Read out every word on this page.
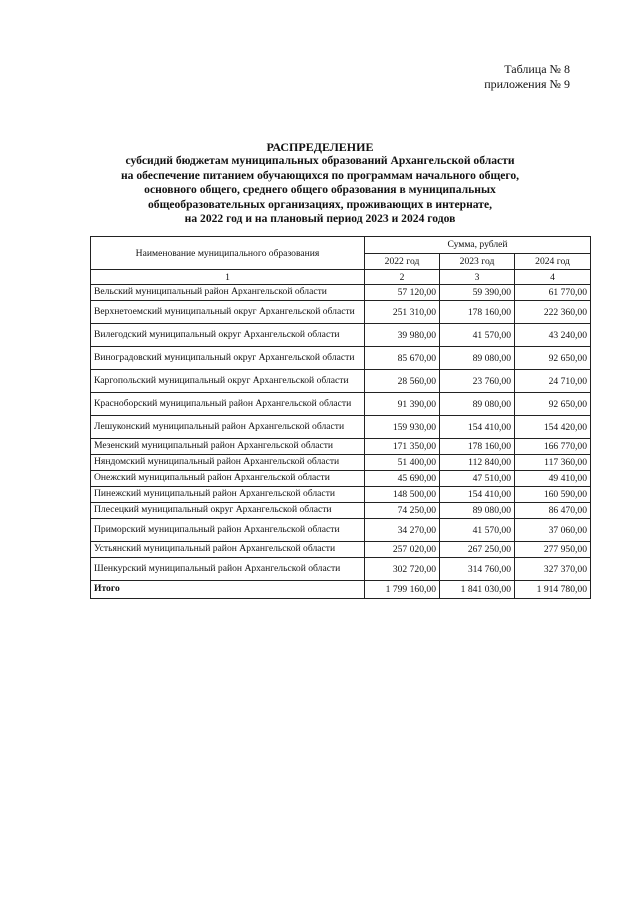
Таблица № 8
приложения № 9
РАСПРЕДЕЛЕНИЕ
субсидий бюджетам муниципальных образований Архангельской области
на обеспечение питанием обучающихся по программам начального общего,
основного общего, среднего общего образования в муниципальных
общеобразовательных организациях, проживающих в интернате,
на 2022 год и на плановый период 2023 и 2024 годов
Наименование муниципального образования	Сумма, рублей		
	2022 год	2023 год	2024 год
1	2	3	4
Вельский муниципальный район Архангельской области	57 120,00	59 390,00	61 770,00
Верхнетоемский муниципальный округ Архангельской области	251 310,00	178 160,00	222 360,00
Вилегодский муниципальный округ Архангельской области	39 980,00	41 570,00	43 240,00
Виноградовский муниципальный округ Архангельской области	85 670,00	89 080,00	92 650,00
Каргопольский муниципальный округ Архангельской области	28 560,00	23 760,00	24 710,00
Красноборский муниципальный район Архангельской области	91 390,00	89 080,00	92 650,00
Лешуконский муниципальный район Архангельской области	159 930,00	154 410,00	154 420,00
Мезенский муниципальный район Архангельской области	171 350,00	178 160,00	166 770,00
Няндомский муниципальный район Архангельской области	51 400,00	112 840,00	117 360,00
Онежский муниципальный район Архангельской области	45 690,00	47 510,00	49 410,00
Пинежский муниципальный район Архангельской области	148 500,00	154 410,00	160 590,00
Плесецкий муниципальный округ Архангельской области	74 250,00	89 080,00	86 470,00
Приморский муниципальный район Архангельской области	34 270,00	41 570,00	37 060,00
Устьянский муниципальный район Архангельской области	257 020,00	267 250,00	277 950,00
Шенкурский муниципальный район Архангельской области	302 720,00	314 760,00	327 370,00
Итого	1 799 160,00	1 841 030,00	1 914 780,00
